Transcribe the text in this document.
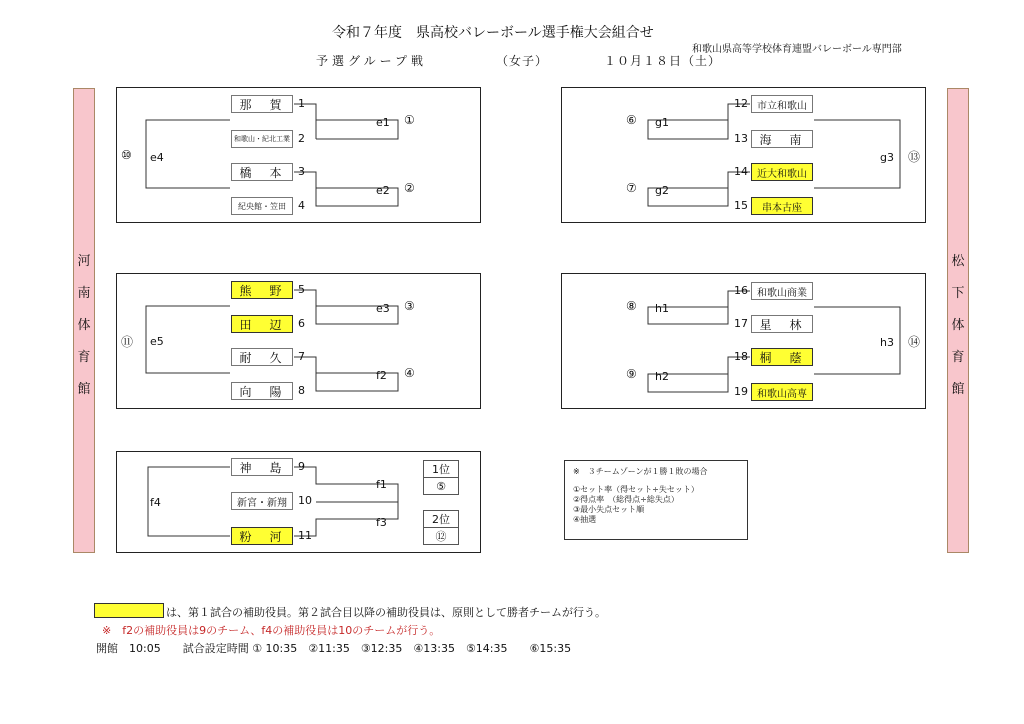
令和７年度　県高校バレーボール選手権大会組合せ
和歌山県高等学校体育連盟バレーボール専門部
予選グループ戦	（女子）	１０月１８日（土）
河
南
体
育
館
松
下
体
育
館
那　賀	1
和歌山・紀北工業 2
橋　本	3
紀央館・笠田	4
e1 ①
e2 ②
⑩ e4
熊　野	5
田　辺	6
耐　久	7
向　陽	8
e3 ③
f2 ④
⑪ e5
神　島	9
新宮・新翔	10
粉　河	11
f1
f3
f4
1位
⑤
2位
⑫
12 市立和歌山
13 海　南
14 近大和歌山
15	串本古座
⑥ g1
⑦ g2
g3 ⑬
16 和歌山商業
17 星　林
18 桐　蔭
19 和歌山高専
⑧ h1
⑨ h2
h3 ⑭
※　３チームゾーンが１勝１敗の場合
①セット率（得セット÷失セット）
②得点率　（総得点÷総失点）
③最小失点セット順
④抽選
は、第１試合の補助役員。第２試合目以降の補助役員は、原則として勝者チームが行う。
※　f2の補助役員は9のチーム、f4の補助役員は10のチームが行う。
開館　10:05　　試合設定時間 ① 10:35　②11:35　③12:35　④13:35　⑤14:35　　⑥15:35
